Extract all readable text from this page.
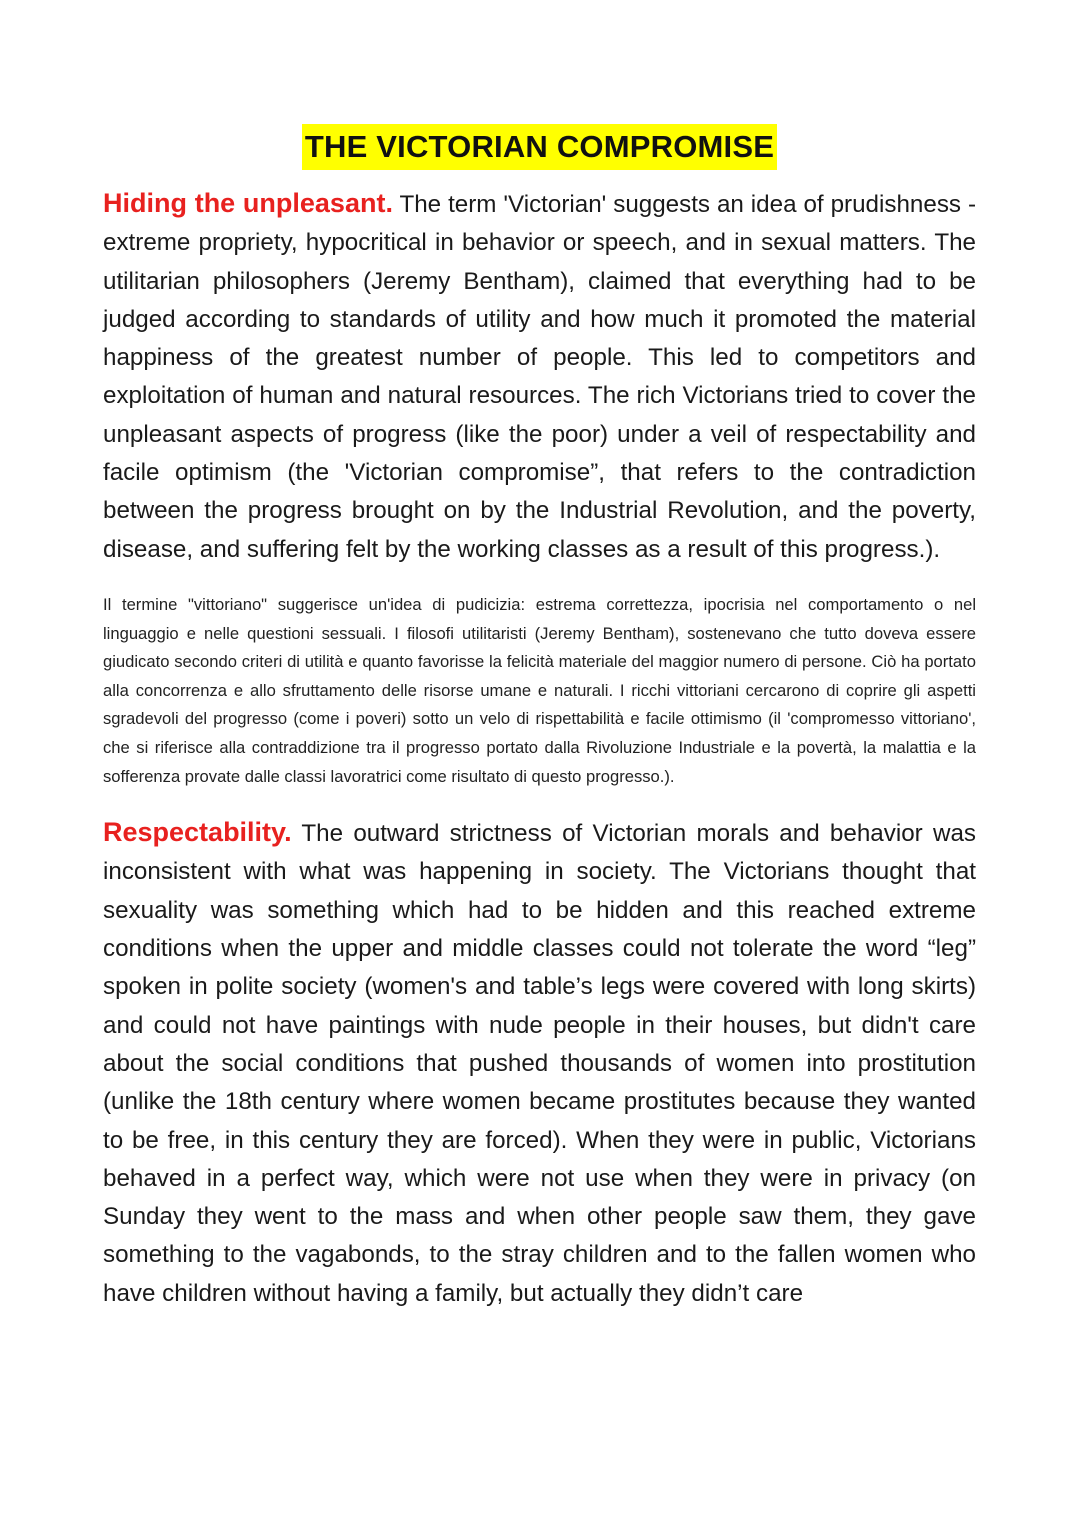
THE VICTORIAN COMPROMISE

Hiding the unpleasant. The term 'Victorian' suggests an idea of prudishness - extreme propriety, hypocritical in behavior or speech, and in sexual matters. The utilitarian philosophers (Jeremy Bentham), claimed that everything had to be judged according to standards of utility and how much it promoted the material happiness of the greatest number of people. This led to competitors and exploitation of human and natural resources. The rich Victorians tried to cover the unpleasant aspects of progress (like the poor) under a veil of respectability and facile optimism (the 'Victorian compromise”, that refers to the contradiction between the progress brought on by the Industrial Revolution, and the poverty, disease, and suffering felt by the working classes as a result of this progress.).

Il termine "vittoriano" suggerisce un'idea di pudicizia: estrema correttezza, ipocrisia nel comportamento o nel linguaggio e nelle questioni sessuali. I filosofi utilitaristi (Jeremy Bentham), sostenevano che tutto doveva essere giudicato secondo criteri di utilità e quanto favorisse la felicità materiale del maggior numero di persone. Ciò ha portato alla concorrenza e allo sfruttamento delle risorse umane e naturali. I ricchi vittoriani cercarono di coprire gli aspetti sgradevoli del progresso (come i poveri) sotto un velo di rispettabilità e facile ottimismo (il 'compromesso vittoriano', che si riferisce alla contraddizione tra il progresso portato dalla Rivoluzione Industriale e la povertà, la malattia e la sofferenza provate dalle classi lavoratrici come risultato di questo progresso.).

Respectability. The outward strictness of Victorian morals and behavior was inconsistent with what was happening in society. The Victorians thought that sexuality was something which had to be hidden and this reached extreme conditions when the upper and middle classes could not tolerate the word “leg” spoken in polite society (women's and table’s legs were covered with long skirts) and could not have paintings with nude people in their houses, but didn't care about the social conditions that pushed thousands of women into prostitution (unlike the 18th century where women became prostitutes because they wanted to be free, in this century they are forced). When they were in public, Victorians behaved in a perfect way, which were not use when they were in privacy (on Sunday they went to the mass and when other people saw them, they gave something to the vagabonds, to the stray children and to the fallen women who have children without having a family, but actually they didn’t care
